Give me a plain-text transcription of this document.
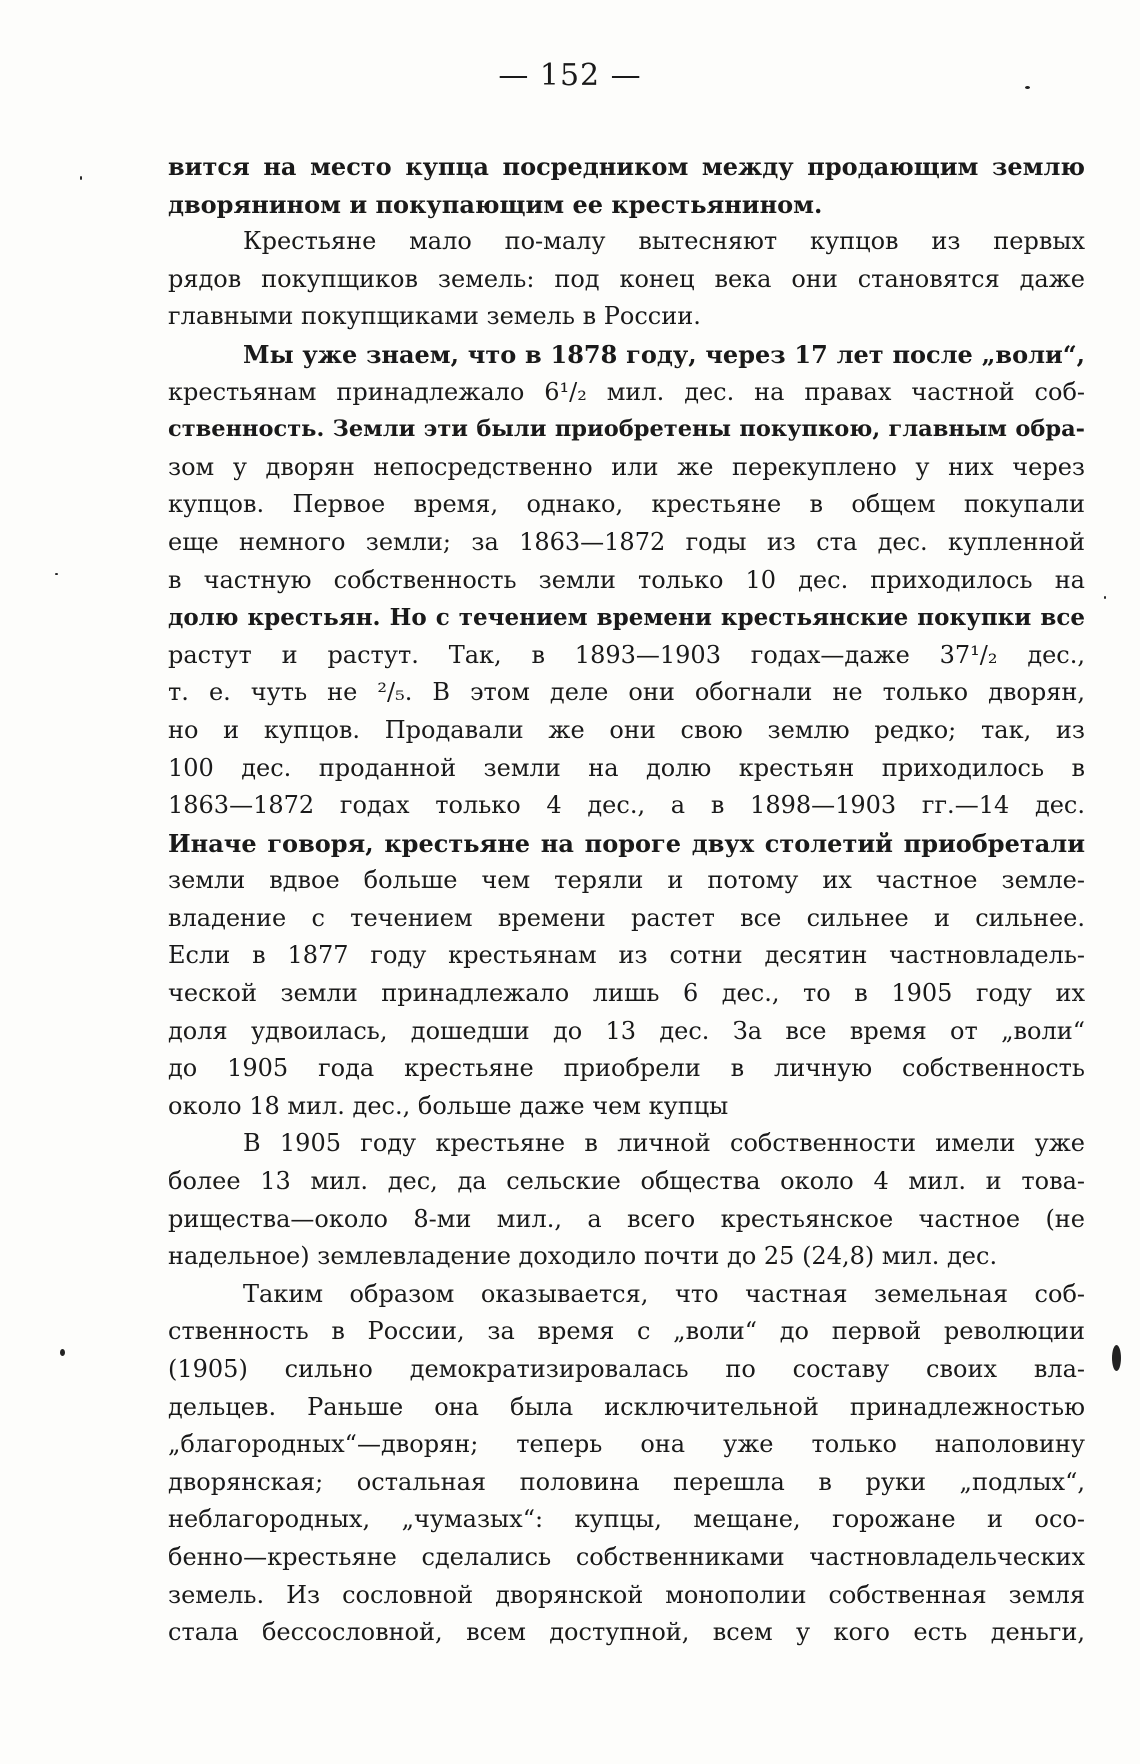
— 152 —
вится на место купца посредником между продающим землю
дворянином и покупающим ее крестьянином.
Крестьяне мало по-малу вытесняют купцов из первых
рядов покупщиков земель: под конец века они становятся даже
главными покупщиками земель в России.
Мы уже знаем, что в 1878 году, через 17 лет после „воли“,
крестьянам принадлежало 6¹/₂ мил. дес. на правах частной соб-
ственность. Земли эти были приобретены покупкою, главным обра-
зом у дворян непосредственно или же перекуплено у них через
купцов. Первое время, однако, крестьяне в общем покупали
еще немного земли; за 1863—1872 годы из ста дес. купленной
в частную собственность земли только 10 дес. приходилось на
долю крестьян. Но с течением времени крестьянские покупки все
растут и растут. Так, в 1893—1903 годах—даже 37¹/₂ дес.,
т. е. чуть не ²/₅. В этом деле они обогнали не только дворян,
но и купцов. Продавали же они свою землю редко; так, из
100 дес. проданной земли на долю крестьян приходилось в
1863—1872 годах только 4 дес., а в 1898—1903 гг.—14 дес.
Иначе говоря, крестьяне на пороге двух столетий приобретали
земли вдвое больше чем теряли и потому их частное земле-
владение с течением времени растет все сильнее и сильнее.
Если в 1877 году крестьянам из сотни десятин частновладель-
ческой земли принадлежало лишь 6 дес., то в 1905 году их
доля удвоилась, дошедши до 13 дес. За все время от „воли“
до 1905 года крестьяне приобрели в личную собственность
около 18 мил. дес., больше даже чем купцы
В 1905 году крестьяне в личной собственности имели уже
более 13 мил. дес, да сельские общества около 4 мил. и това-
рищества—около 8-ми мил., а всего крестьянское частное (не
надельное) землевладение доходило почти до 25 (24,8) мил. дес.
Таким образом оказывается, что частная земельная соб-
ственность в России, за время с „воли“ до первой революции
(1905) сильно демократизировалась по составу своих вла-
дельцев. Раньше она была исключительной принадлежностью
„благородных“—дворян; теперь она уже только наполовину
дворянская; остальная половина перешла в руки „подлых“,
неблагородных, „чумазых“: купцы, мещане, горожане и осо-
бенно—крестьяне сделались собственниками частновладельческих
земель. Из сословной дворянской монополии собственная земля
стала бессословной, всем доступной, всем у кого есть деньги,
